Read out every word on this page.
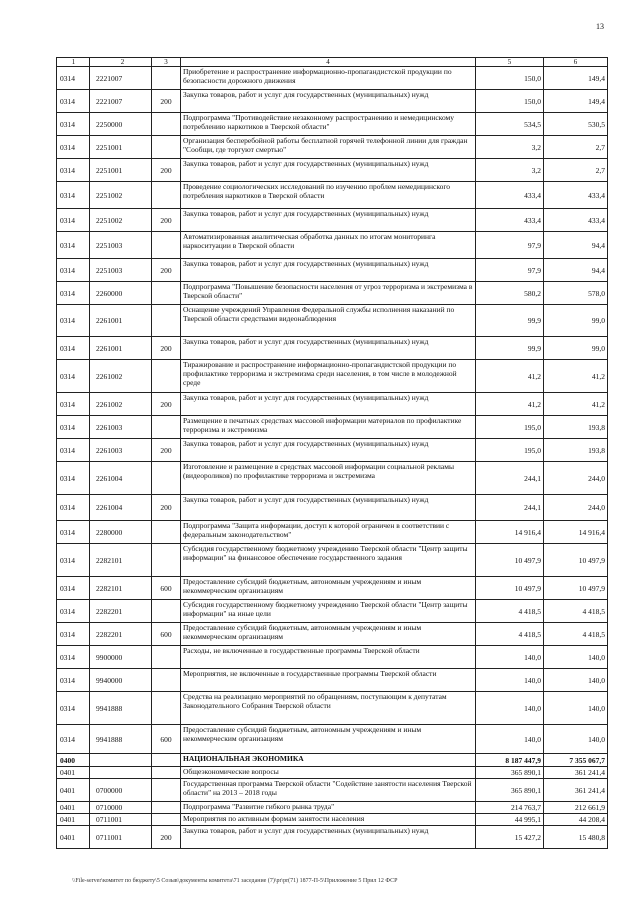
13
1	2	3	4	5	6
0314	2221007		Приобретение и распространение информационно-пропагандистской продукции по безопасности дорожного движения	150,0	149,4
0314	2221007	200	Закупка товаров, работ и услуг для государственных (муниципальных) нужд	150,0	149,4
0314	2250000		Подпрограмма "Противодействие незаконному распространению и немедицинскому потреблению наркотиков в Тверской области"	534,5	530,5
0314	2251001		Организация бесперебойной работы бесплатной горячей телефонной линии для граждан "Сообщи, где торгуют смертью"	3,2	2,7
0314	2251001	200	Закупка товаров, работ и услуг для государственных (муниципальных) нужд	3,2	2,7
0314	2251002		Проведение социологических исследований по изучению проблем немедицинского потребления наркотиков в Тверской области	433,4	433,4
0314	2251002	200	Закупка товаров, работ и услуг для государственных (муниципальных) нужд	433,4	433,4
0314	2251003		Автоматизированная аналитическая обработка данных по итогам мониторинга наркоситуации в Тверской области	97,9	94,4
0314	2251003	200	Закупка товаров, работ и услуг для государственных (муниципальных) нужд	97,9	94,4
0314	2260000		Подпрограмма "Повышение безопасности населения от угроз терроризма и экстремизма в Тверской области"	580,2	578,0
0314	2261001		Оснащение учреждений Управления Федеральной службы исполнения наказаний по Тверской области средствами видеонаблюдения	99,9	99,0
0314	2261001	200	Закупка товаров, работ и услуг для государственных (муниципальных) нужд	99,9	99,0
0314	2261002		Тиражирование и распространение информационно-пропагандистской продукции по профилактике терроризма и экстремизма среди населения, в том числе в молодежной среде	41,2	41,2
0314	2261002	200	Закупка товаров, работ и услуг для государственных (муниципальных) нужд	41,2	41,2
0314	2261003		Размещение в печатных средствах массовой информации материалов по профилактике терроризма и экстремизма	195,0	193,8
0314	2261003	200	Закупка товаров, работ и услуг для государственных (муниципальных) нужд	195,0	193,8
0314	2261004		Изготовление и размещение в средствах массовой информации социальной рекламы (видеороликов) по профилактике терроризма и экстремизма	244,1	244,0
0314	2261004	200	Закупка товаров, работ и услуг для государственных (муниципальных) нужд	244,1	244,0
0314	2280000		Подпрограмма "Защита информации, доступ к которой ограничен в соответствии с федеральным законодательством"	14 916,4	14 916,4
0314	2282101		Субсидия государственному бюджетному учреждению Тверской области "Центр защиты информации" на финансовое обеспечение государственного задания	10 497,9	10 497,9
0314	2282101	600	Предоставление субсидий бюджетным, автономным учреждениям и иным некоммерческим организациям	10 497,9	10 497,9
0314	2282201		Субсидия государственному бюджетному учреждению Тверской области "Центр защиты информации" на иные цели	4 418,5	4 418,5
0314	2282201	600	Предоставление субсидий бюджетным, автономным учреждениям и иным некоммерческим организациям	4 418,5	4 418,5
0314	9900000		Расходы, не включенные в государственные программы Тверской области	140,0	140,0
0314	9940000		Мероприятия, не включенные в государственные программы Тверской области	140,0	140,0
0314	9941888		Средства на реализацию мероприятий по обращениям, поступающим к депутатам Законодательного Собрания Тверской области	140,0	140,0
0314	9941888	600	Предоставление субсидий бюджетным, автономным учреждениям и иным некоммерческим организациям	140,0	140,0
0400			НАЦИОНАЛЬНАЯ ЭКОНОМИКА	8 187 447,9	7 355 067,7
0401			Общеэкономические вопросы	365 890,1	361 241,4
0401	0700000		Государственная программа Тверской области "Содействие занятости населения Тверской области" на 2013 – 2018 годы	365 890,1	361 241,4
0401	0710000		Подпрограмма "Развитие гибкого рынка труда"	214 763,7	212 661,9
0401	0711001		Мероприятия по активным формам занятости населения	44 995,1	44 208,4
0401	0711001	200	Закупка товаров, работ и услуг для государственных (муниципальных) нужд	15 427,2	15 480,8
\\File-server\комитет по бюджету\5 Созыв\документы комитета\71 заседание (7)\pr\pr(71) 1877-П-5\Приложение 5 Прил 12 ФСР
